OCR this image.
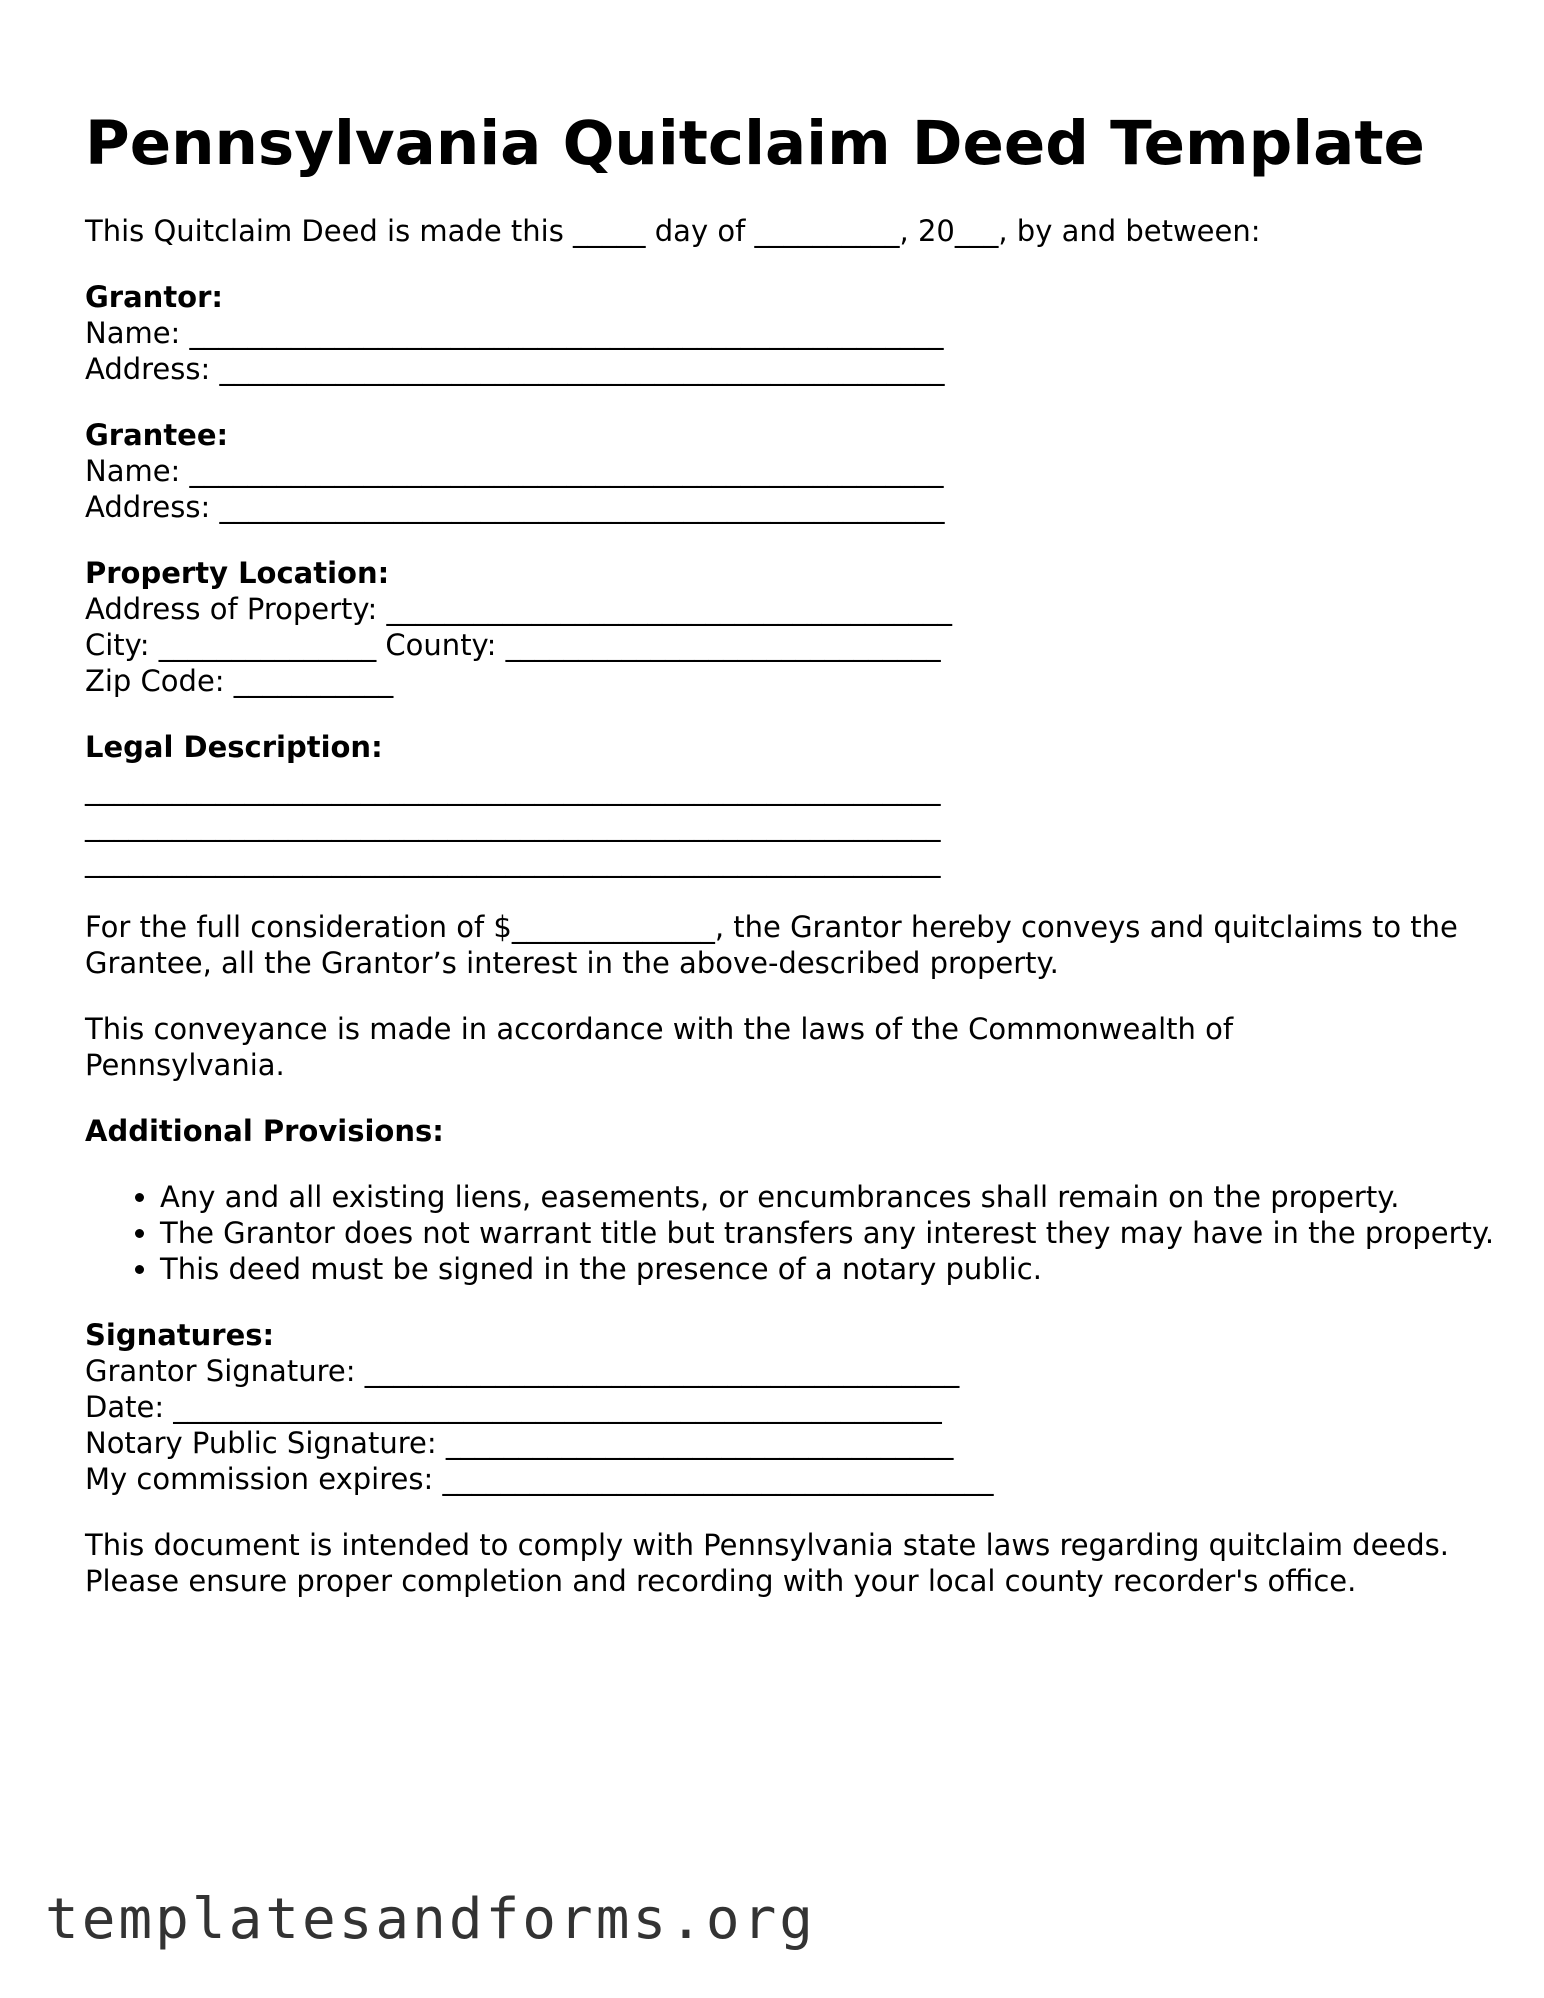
Pennsylvania Quitclaim Deed Template

This Quitclaim Deed is made this _____ day of __________, 20___, by and between:

Grantor:
Name: ____________________________________________________
Address: __________________________________________________
Grantee:
Name: ____________________________________________________
Address: __________________________________________________
Property Location:
Address of Property: _______________________________________
City: _______________ County: ______________________________
Zip Code: ___________
Legal Description:
___________________________________________________________
___________________________________________________________
___________________________________________________________

For the full consideration of $______________, the Grantor hereby conveys and quitclaims to the Grantee, all the Grantor’s interest in the above-described property.

This conveyance is made in accordance with the laws of the Commonwealth of Pennsylvania.

Additional Provisions:
• Any and all existing liens, easements, or encumbrances shall remain on the property.
• The Grantor does not warrant title but transfers any interest they may have in the property.
• This deed must be signed in the presence of a notary public.
Signatures:
Grantor Signature: _________________________________________
Date: _____________________________________________________
Notary Public Signature: ___________________________________
My commission expires: ______________________________________

This document is intended to comply with Pennsylvania state laws regarding quitclaim deeds. Please ensure proper completion and recording with your local county recorder's office.

templatesandforms.org
